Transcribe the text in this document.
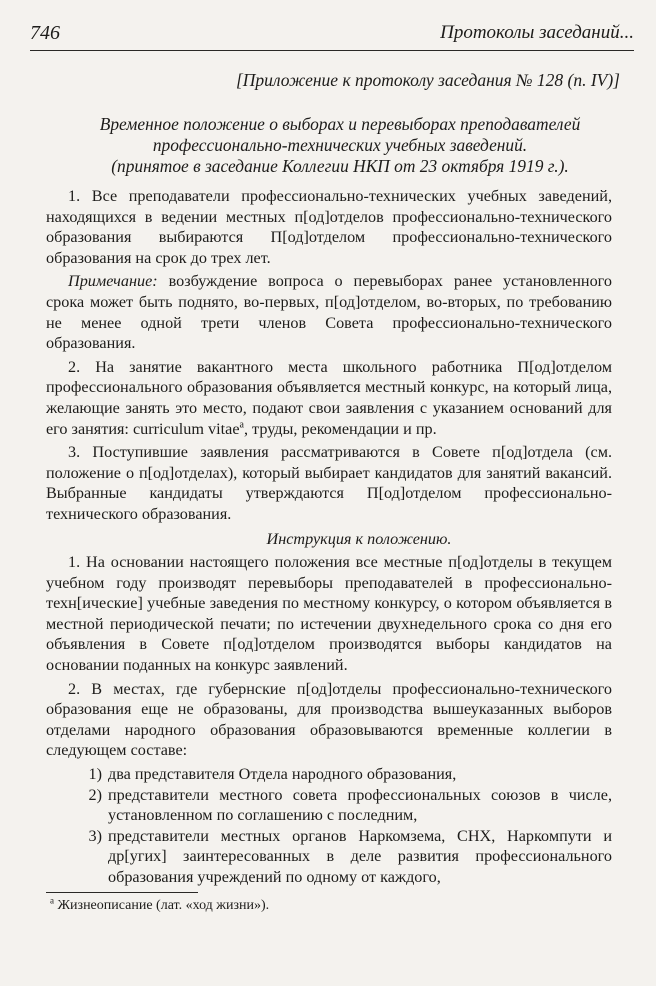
746	Протоколы заседаний...
[Приложение к протоколу заседания № 128 (п. IV)]
Временное положение о выборах и перевыборах преподавателей
профессионально-технических учебных заведений.
(принятое в заседание Коллегии НКП от 23 октября 1919 г.).

1. Все преподаватели профессионально-технических учебных заведений, находящихся в ведении местных п[од]отделов профессионально-технического образования выбираются П[од]отделом профессионально-технического образования на срок до трех лет.

Примечание: возбуждение вопроса о перевыборах ранее установленного срока может быть поднято, во-первых, п[од]отделом, во-вторых, по требованию не менее одной трети членов Совета профессионально-технического образования.

2. На занятие вакантного места школьного работника П[од]отделом профессионального образования объявляется местный конкурс, на который лица, желающие занять это место, подают свои заявления с указанием оснований для его занятия: curriculum vitae$^a$, труды, рекомендации и пр.

3. Поступившие заявления рассматриваются в Совете п[од]отдела (см. положение о п[од]отделах), который выбирает кандидатов для занятий вакансий. Выбранные кандидаты утверждаются П[од]отделом профессионально-технического образования.

Инструкция к положению.

1. На основании настоящего положения все местные п[од]отделы в текущем учебном году производят перевыборы преподавателей в профессионально-техн[ические] учебные заведения по местному конкурсу, о котором объявляется в местной периодической печати; по истечении двухнедельного срока со дня его объявления в Совете п[од]отделом производятся выборы кандидатов на основании поданных на конкурс заявлений.

2. В местах, где губернские п[од]отделы профессионально-технического образования еще не образованы, для производства вышеуказанных выборов отделами народного образования образовываются временные коллегии в следующем составе:

1) два представителя Отдела народного образования,
2) представители местного совета профессиональных союзов в числе, установленном по соглашению с последним,
3) представители местных органов Наркомзема, СНХ, Наркомпути и др[угих] заинтересованных в деле развития профессионального образования учреждений по одному от каждого,
$^a$ Жизнеописание (лат. «ход жизни»).
